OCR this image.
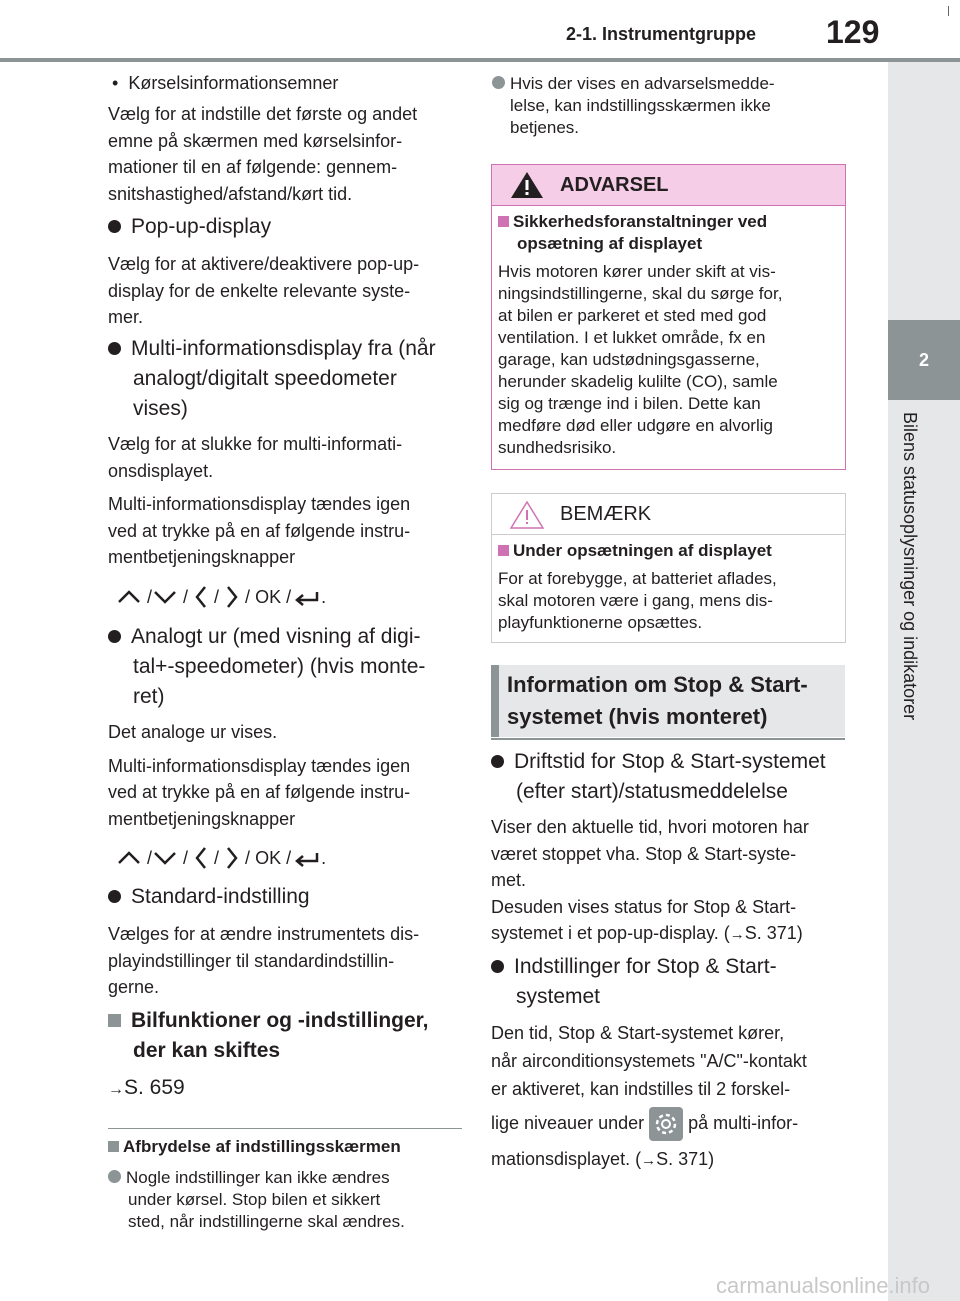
2-1. Instrumentgruppe 129
2
Bilens statusoplysninger og indikatorer
•  Kørselsinformationsemner
Vælg for at indstille det første og andet
emne på skærmen med kørselsinfor-
mationer til en af følgende: gennem-
snitshastighed/afstand/kørt tid.
Pop-up-display
Vælg for at aktivere/deaktivere pop-up-
display for de enkelte relevante syste-
mer.
Multi-informationsdisplay fra (når
analogt/digitalt speedometer
vises)
Vælg for at slukke for multi-informati-
onsdisplayet.
Multi-informationsdisplay tændes igen
ved at trykke på en af følgende instru-
mentbetjeningsknapper
/ / / / OK / .
Analogt ur (med visning af digi-
tal+-speedometer) (hvis monte-
ret)
Det analoge ur vises.
Multi-informationsdisplay tændes igen
ved at trykke på en af følgende instru-
mentbetjeningsknapper
/ / / / OK / .
Standard-indstilling
Vælges for at ændre instrumentets dis-
playindstillinger til standardindstillin-
gerne.
Bilfunktioner og -indstillinger,
der kan skiftes
→S. 659
Afbrydelse af indstillingsskærmen
Nogle indstillinger kan ikke ændres
under kørsel. Stop bilen et sikkert
sted, når indstillingerne skal ændres.
Hvis der vises en advarselsmedde-
lelse, kan indstillingsskærmen ikke
betjenes.
ADVARSEL
Sikkerhedsforanstaltninger ved
opsætning af displayet
Hvis motoren kører under skift at vis-
ningsindstillingerne, skal du sørge for,
at bilen er parkeret et sted med god
ventilation. I et lukket område, fx en
garage, kan udstødningsgasserne,
herunder skadelig kulilte (CO), samle
sig og trænge ind i bilen. Dette kan
medføre død eller udgøre en alvorlig
sundhedsrisiko.
BEMÆRK
Under opsætningen af displayet
For at forebygge, at batteriet aflades,
skal motoren være i gang, mens dis-
playfunktionerne opsættes.
Information om Stop & Start-
systemet (hvis monteret)
Driftstid for Stop & Start-systemet
(efter start)/statusmeddelelse
Viser den aktuelle tid, hvori motoren har
været stoppet vha. Stop & Start-syste-
met.
Desuden vises status for Stop & Start-
systemet i et pop-up-display. (→S. 371)
Indstillinger for Stop & Start-
systemet
Den tid, Stop & Start-systemet kører,
når airconditionsystemets "A/C"-kontakt
er aktiveret, kan indstilles til 2 forskel-
lige niveauer under på multi-infor-
mationsdisplayet. (→S. 371)
carmanualsonline.info
